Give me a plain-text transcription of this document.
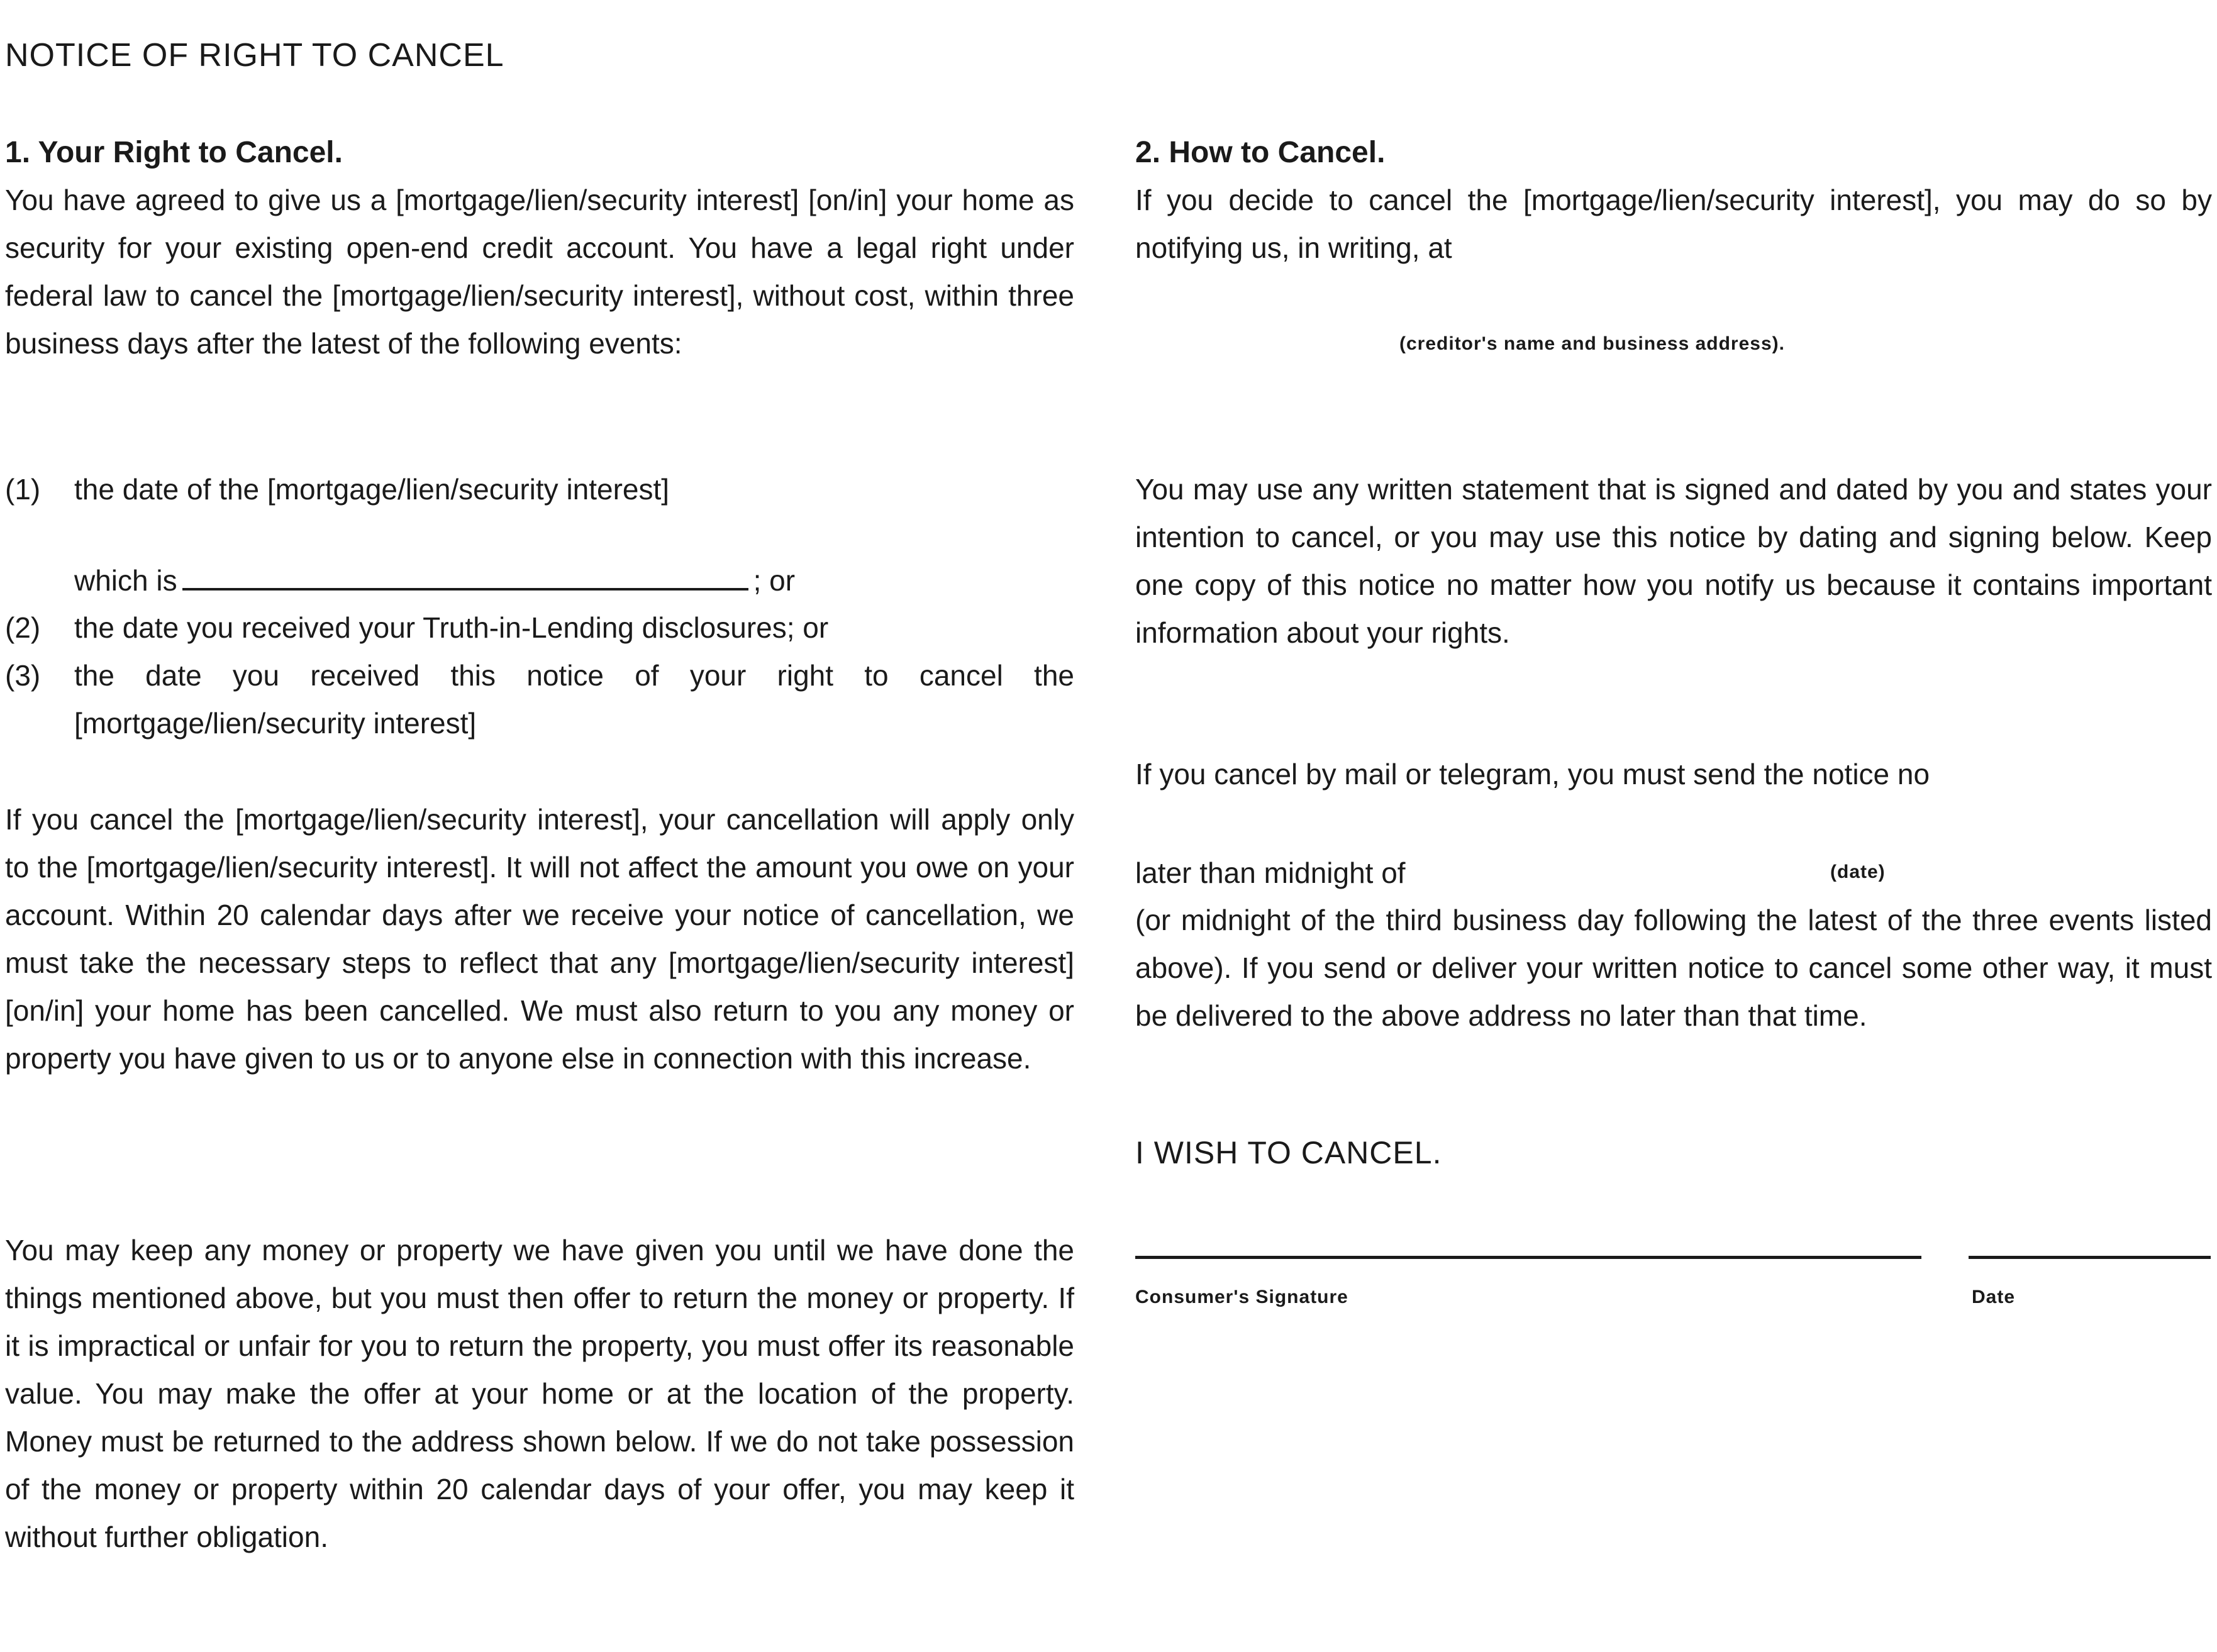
NOTICE OF RIGHT TO CANCEL
1. Your Right to Cancel.
You have agreed to give us a [mortgage/lien/security interest] [on/in] your home as security for your existing open-end credit account. You have a legal right under federal law to cancel the [mortgage/lien/security interest], without cost, within three business days after the latest of the following events:
(1) the date of the [mortgage/lien/security interest]
which is	; or
(2) the date you received your Truth-in-Lending disclosures; or
(3) the date you received this notice of your right to cancel the [mortgage/lien/security interest]
If you cancel the [mortgage/lien/security interest], your cancellation will apply only to the [mortgage/lien/security interest]. It will not affect the amount you owe on your account. Within 20 calendar days after we receive your notice of cancellation, we must take the necessary steps to reflect that any [mortgage/lien/security interest] [on/in] your home has been cancelled. We must also return to you any money or property you have given to us or to anyone else in connection with this increase.
You may keep any money or property we have given you until we have done the things mentioned above, but you must then offer to return the money or property. If it is impractical or unfair for you to return the property, you must offer its reasonable value. You may make the offer at your home or at the location of the property. Money must be returned to the address shown below. If we do not take possession of the money or property within 20 calendar days of your offer, you may keep it without further obligation.
2. How to Cancel.
If you decide to cancel the [mortgage/lien/security interest], you may do so by notifying us, in writing, at
(creditor's name and business address).
You may use any written statement that is signed and dated by you and states your intention to cancel, or you may use this notice by dating and signing below. Keep one copy of this notice no matter how you notify us because it contains important information about your rights.
If you cancel by mail or telegram, you must send the notice no
later than midnight of	(date)
(or midnight of the third business day following the latest of the three events listed above). If you send or deliver your written notice to cancel some other way, it must be delivered to the above address no later than that time.
I WISH TO CANCEL.
Consumer's Signature	Date
